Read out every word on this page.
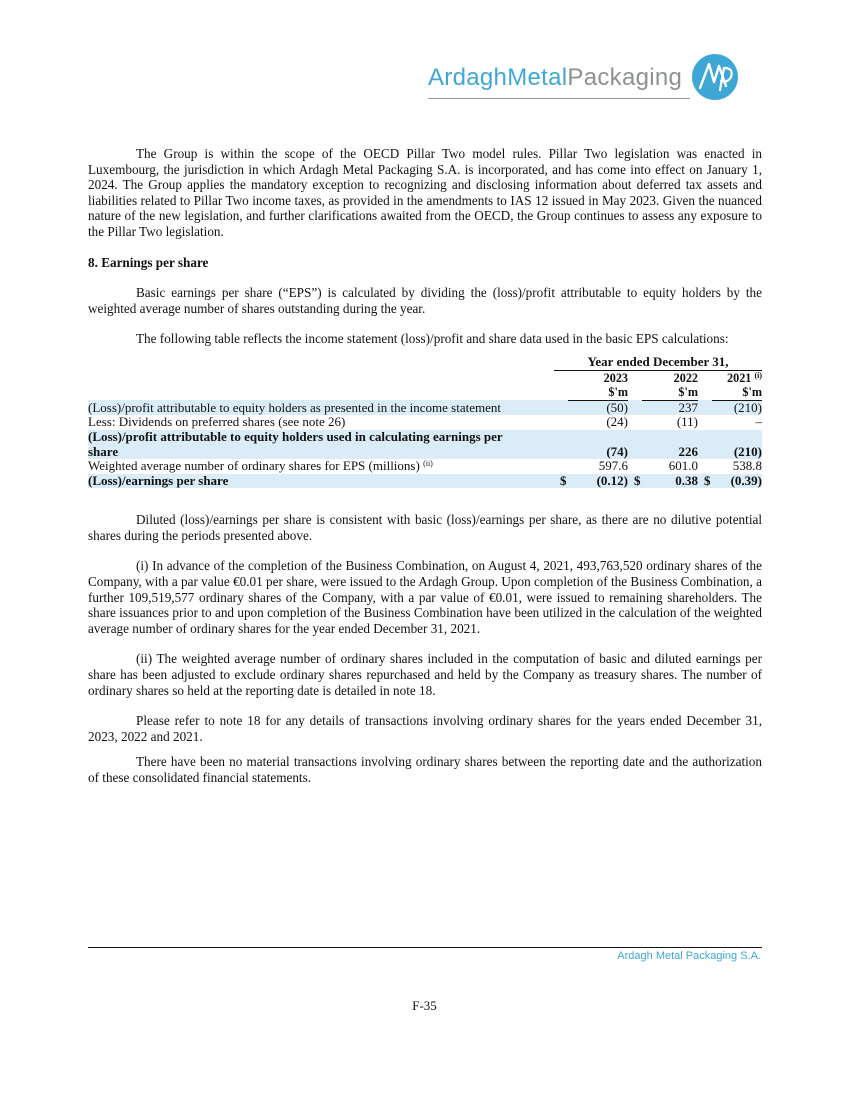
ArdaghMetalPackaging

The Group is within the scope of the OECD Pillar Two model rules. Pillar Two legislation was enacted in Luxembourg, the jurisdiction in which Ardagh Metal Packaging S.A. is incorporated, and has come into effect on January 1, 2024. The Group applies the mandatory exception to recognizing and disclosing information about deferred tax assets and liabilities related to Pillar Two income taxes, as provided in the amendments to IAS 12 issued in May 2023. Given the nuanced nature of the new legislation, and further clarifications awaited from the OECD, the Group continues to assess any exposure to the Pillar Two legislation.

8. Earnings per share

Basic earnings per share (“EPS”) is calculated by dividing the (loss)/profit attributable to equity holders by the weighted average number of shares outstanding during the year.

The following table reflects the income statement (loss)/profit and share data used in the basic EPS calculations:

	Year ended December 31,					
		2023		2022		2021 $^{(i)}$
		$'m		$'m		$'m
(Loss)/profit attributable to equity holders as presented in the income statement		(50)		237		(210)
Less: Dividends on preferred shares (see note 26)		(24)		(11)		–
(Loss)/profit attributable to equity holders used in calculating earnings per share		(74)		226		(210)
Weighted average number of ordinary shares for EPS (millions) $^{(ii)}$		597.6		601.0		538.8
(Loss)/earnings per share	$	(0.12)	$	0.38	$	(0.39)

Diluted (loss)/earnings per share is consistent with basic (loss)/earnings per share, as there are no dilutive potential shares during the periods presented above.

(i) In advance of the completion of the Business Combination, on August 4, 2021, 493,763,520 ordinary shares of the Company, with a par value €0.01 per share, were issued to the Ardagh Group. Upon completion of the Business Combination, a further 109,519,577 ordinary shares of the Company, with a par value of €0.01, were issued to remaining shareholders. The share issuances prior to and upon completion of the Business Combination have been utilized in the calculation of the weighted average number of ordinary shares for the year ended December 31, 2021.

(ii) The weighted average number of ordinary shares included in the computation of basic and diluted earnings per share has been adjusted to exclude ordinary shares repurchased and held by the Company as treasury shares. The number of ordinary shares so held at the reporting date is detailed in note 18.

Please refer to note 18 for any details of transactions involving ordinary shares for the years ended December 31, 2023, 2022 and 2021.

There have been no material transactions involving ordinary shares between the reporting date and the authorization of these consolidated financial statements.

Ardagh Metal Packaging S.A.
F-35
